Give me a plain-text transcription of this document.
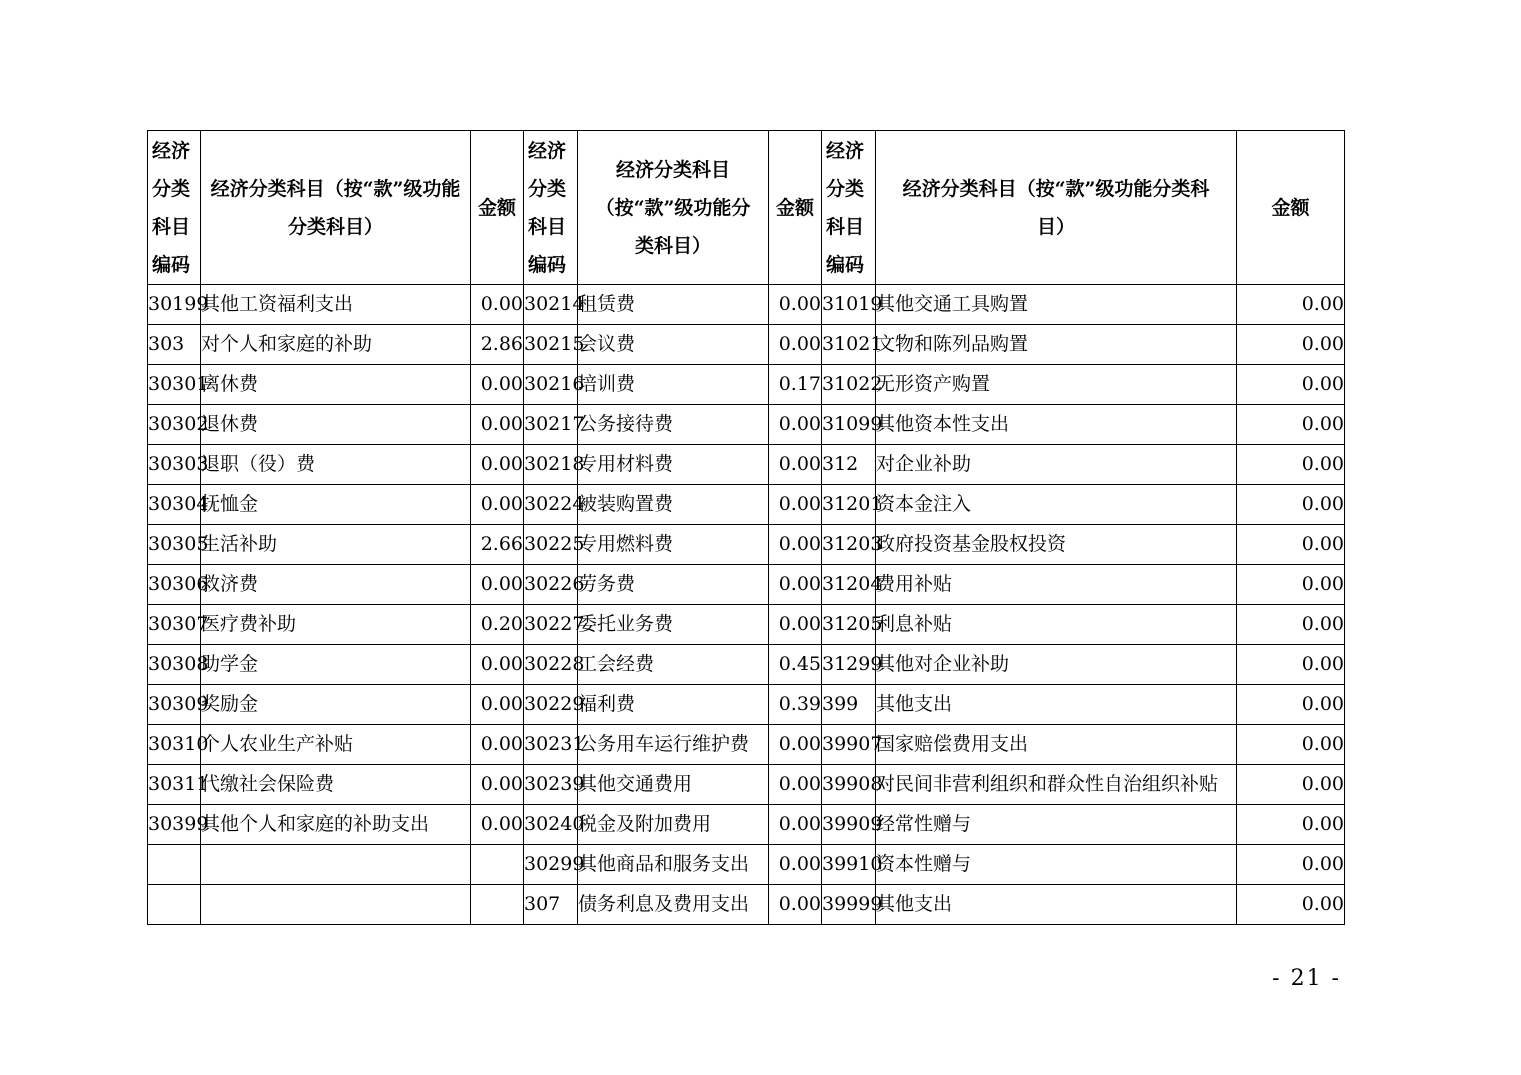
经济分类科目编码	经济分类科目（按“款”级功能分类科目）	金额	经济分类科目编码	经济分类科目（按“款”级功能分类科目）	金额	经济分类科目编码	经济分类科目（按“款”级功能分类科目）	金额
30199	其他工资福利支出	0.00	30214	租赁费	0.00	31019	其他交通工具购置	0.00
303	对个人和家庭的补助	2.86	30215	会议费	0.00	31021	文物和陈列品购置	0.00
30301	离休费	0.00	30216	培训费	0.17	31022	无形资产购置	0.00
30302	退休费	0.00	30217	公务接待费	0.00	31099	其他资本性支出	0.00
30303	退职（役）费	0.00	30218	专用材料费	0.00	312	对企业补助	0.00
30304	抚恤金	0.00	30224	被装购置费	0.00	31201	资本金注入	0.00
30305	生活补助	2.66	30225	专用燃料费	0.00	31203	政府投资基金股权投资	0.00
30306	救济费	0.00	30226	劳务费	0.00	31204	费用补贴	0.00
30307	医疗费补助	0.20	30227	委托业务费	0.00	31205	利息补贴	0.00
30308	助学金	0.00	30228	工会经费	0.45	31299	其他对企业补助	0.00
30309	奖励金	0.00	30229	福利费	0.39	399	其他支出	0.00
30310	个人农业生产补贴	0.00	30231	公务用车运行维护费	0.00	39907	国家赔偿费用支出	0.00
30311	代缴社会保险费	0.00	30239	其他交通费用	0.00	39908	对民间非营利组织和群众性自治组织补贴	0.00
30399	其他个人和家庭的补助支出	0.00	30240	税金及附加费用	0.00	39909	经常性赠与	0.00
			30299	其他商品和服务支出	0.00	39910	资本性赠与	0.00
			307	债务利息及费用支出	0.00	39999	其他支出	0.00
- 21 -
